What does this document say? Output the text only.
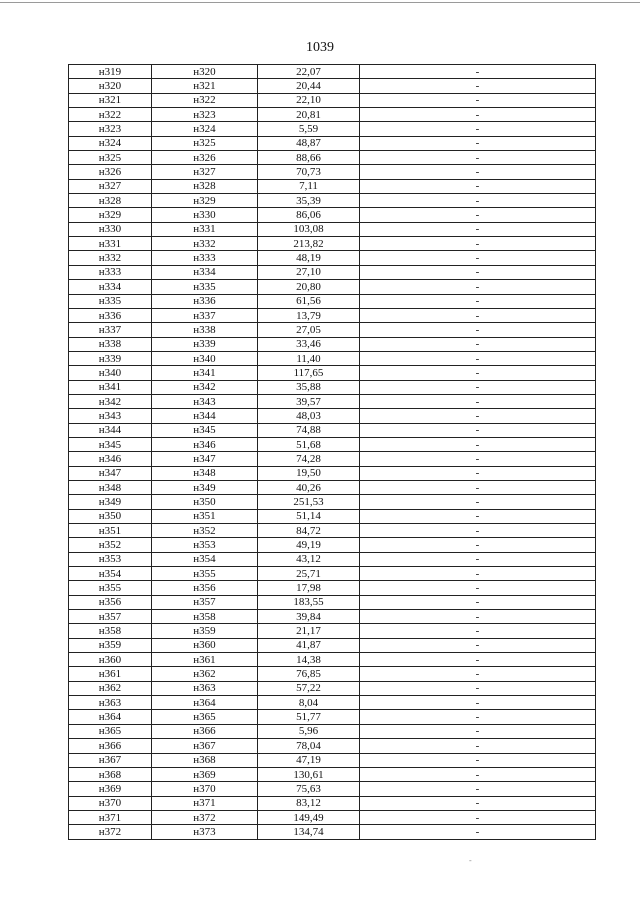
1039
н319	н320	22,07	-
н320	н321	20,44	-
н321	н322	22,10	-
н322	н323	20,81	-
н323	н324	5,59	-
н324	н325	48,87	-
н325	н326	88,66	-
н326	н327	70,73	-
н327	н328	7,11	-
н328	н329	35,39	-
н329	н330	86,06	-
н330	н331	103,08	-
н331	н332	213,82	-
н332	н333	48,19	-
н333	н334	27,10	-
н334	н335	20,80	-
н335	н336	61,56	-
н336	н337	13,79	-
н337	н338	27,05	-
н338	н339	33,46	-
н339	н340	11,40	-
н340	н341	117,65	-
н341	н342	35,88	-
н342	н343	39,57	-
н343	н344	48,03	-
н344	н345	74,88	-
н345	н346	51,68	-
н346	н347	74,28	-
н347	н348	19,50	-
н348	н349	40,26	-
н349	н350	251,53	-
н350	н351	51,14	-
н351	н352	84,72	-
н352	н353	49,19	-
н353	н354	43,12	-
н354	н355	25,71	-
н355	н356	17,98	-
н356	н357	183,55	-
н357	н358	39,84	-
н358	н359	21,17	-
н359	н360	41,87	-
н360	н361	14,38	-
н361	н362	76,85	-
н362	н363	57,22	-
н363	н364	8,04	-
н364	н365	51,77	-
н365	н366	5,96	-
н366	н367	78,04	-
н367	н368	47,19	-
н368	н369	130,61	-
н369	н370	75,63	-
н370	н371	83,12	-
н371	н372	149,49	-
н372	н373	134,74	-
-
